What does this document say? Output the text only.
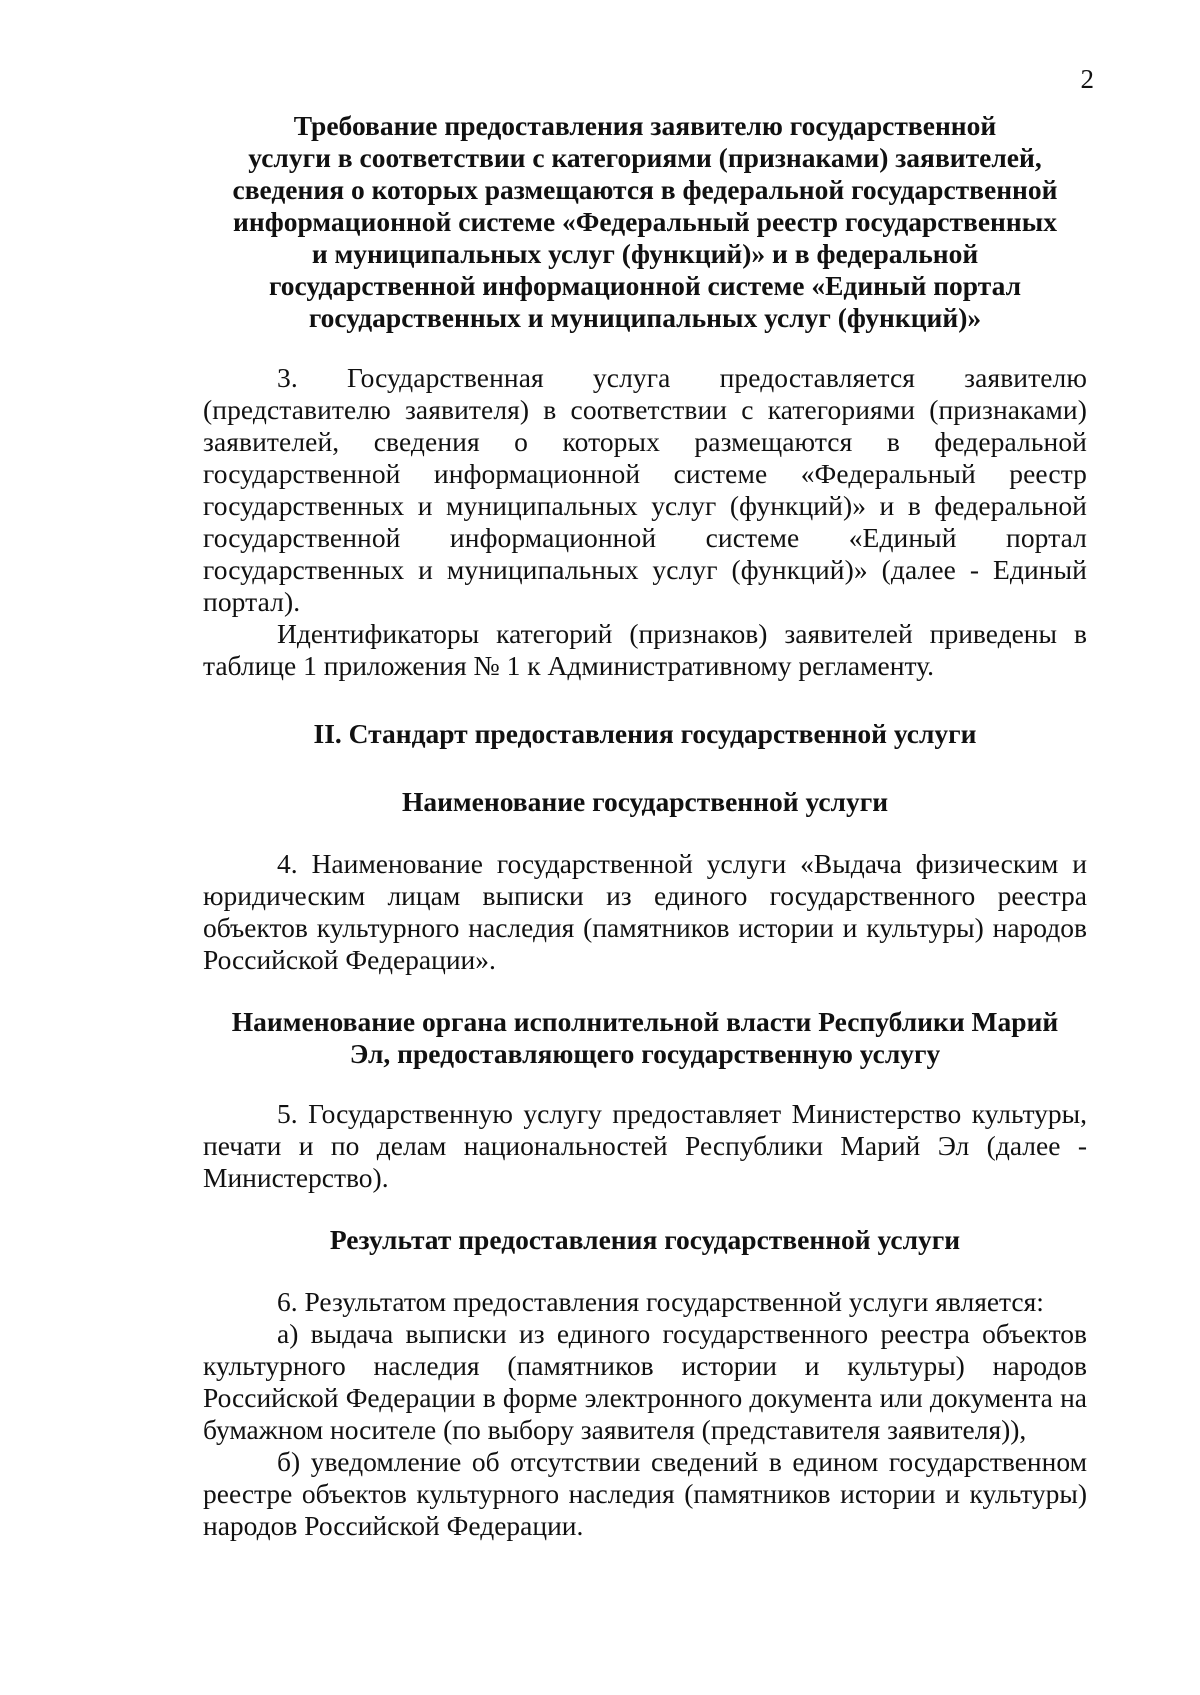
2

Требование предоставления заявителю государственной
услуги в соответствии с категориями (признаками) заявителей,
сведения о которых размещаются в федеральной государственной
информационной системе «Федеральный реестр государственных
и муниципальных услуг (функций)» и в федеральной
государственной информационной системе «Единый портал
государственных и муниципальных услуг (функций)»

3. Государственная услуга предоставляется заявителю (представителю заявителя) в соответствии с категориями (признаками) заявителей, сведения о которых размещаются в федеральной государственной информационной системе «Федеральный реестр государственных и муниципальных услуг (функций)» и в федеральной государственной информационной системе «Единый портал государственных и муниципальных услуг (функций)» (далее - Единый портал).

Идентификаторы категорий (признаков) заявителей приведены в таблице 1 приложения № 1 к Административному регламенту.

II. Стандарт предоставления государственной услуги

Наименование государственной услуги

4. Наименование государственной услуги «Выдача физическим и юридическим лицам выписки из единого государственного реестра объектов культурного наследия (памятников истории и культуры) народов Российской Федерации».

Наименование органа исполнительной власти Республики Марий
Эл, предоставляющего государственную услугу

5. Государственную услугу предоставляет Министерство культуры, печати и по делам национальностей Республики Марий Эл (далее - Министерство).

Результат предоставления государственной услуги

6. Результатом предоставления государственной услуги является:

а) выдача выписки из единого государственного реестра объектов культурного наследия (памятников истории и культуры) народов Российской Федерации в форме электронного документа или документа на бумажном носителе (по выбору заявителя (представителя заявителя)),

б) уведомление об отсутствии сведений в едином государственном реестре объектов культурного наследия (памятников истории и культуры) народов Российской Федерации.
